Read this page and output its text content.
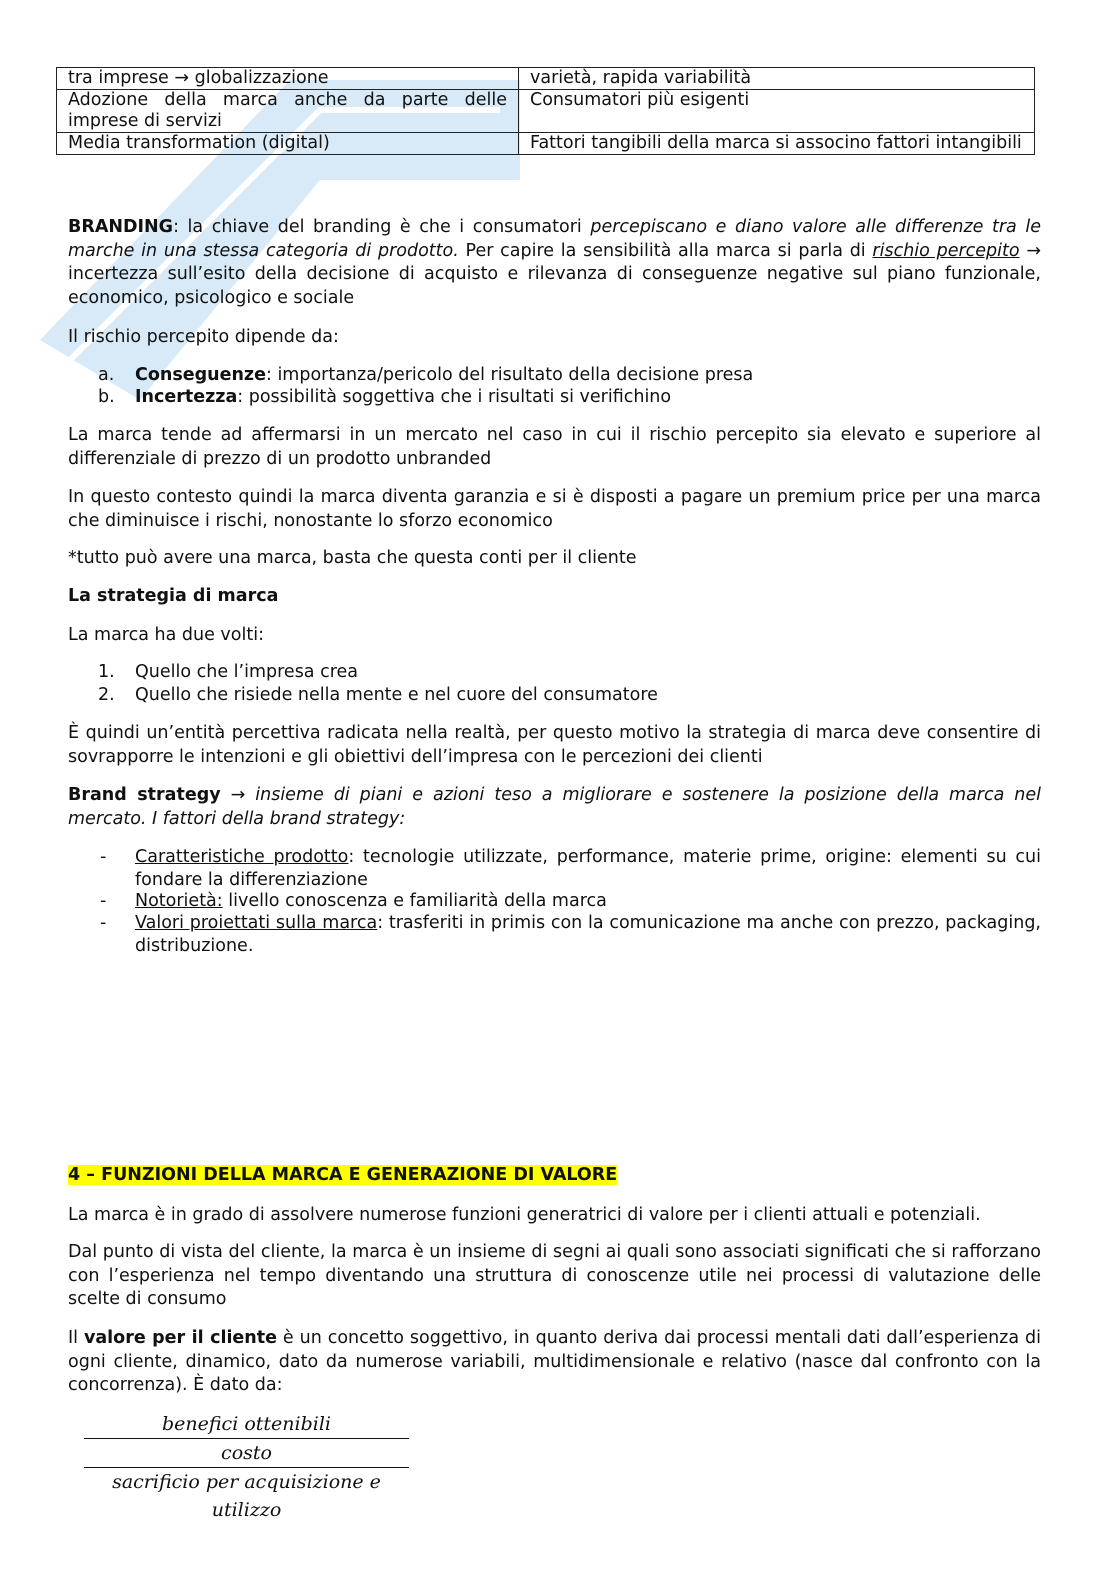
tra imprese → globalizzazione	varietà, rapida variabilità
Adozione della marca anche da parte delle imprese di servizi	Consumatori più esigenti
Media transformation (digital)	Fattori tangibili della marca si associno fattori intangibili

BRANDING: la chiave del branding è che i consumatori percepiscano e diano valore alle differenze tra le marche in una stessa categoria di prodotto. Per capire la sensibilità alla marca si parla di rischio percepito → incertezza sull’esito della decisione di acquisto e rilevanza di conseguenze negative sul piano funzionale, economico, psicologico e sociale

Il rischio percepito dipende da:
a. Conseguenze: importanza/pericolo del risultato della decisione presa
b. Incertezza: possibilità soggettiva che i risultati si verifichino
La marca tende ad affermarsi in un mercato nel caso in cui il rischio percepito sia elevato e superiore al differenziale di prezzo di un prodotto unbranded
In questo contesto quindi la marca diventa garanzia e si è disposti a pagare un premium price per una marca che diminuisce i rischi, nonostante lo sforzo economico
*tutto può avere una marca, basta che questa conti per il cliente
La strategia di marca
La marca ha due volti:
1. Quello che l’impresa crea
2. Quello che risiede nella mente e nel cuore del consumatore
È quindi un’entità percettiva radicata nella realtà, per questo motivo la strategia di marca deve consentire di sovrapporre le intenzioni e gli obiettivi dell’impresa con le percezioni dei clienti

Brand strategy → insieme di piani e azioni teso a migliorare e sostenere la posizione della marca nel mercato. I fattori della brand strategy:

- Caratteristiche prodotto: tecnologie utilizzate, performance, materie prime, origine: elementi su cui fondare la differenziazione
- Notorietà: livello conoscenza e familiarità della marca
- Valori proiettati sulla marca: trasferiti in primis con la comunicazione ma anche con prezzo, packaging, distribuzione.
4 – FUNZIONI DELLA MARCA E GENERAZIONE DI VALORE
La marca è in grado di assolvere numerose funzioni generatrici di valore per i clienti attuali e potenziali.
Dal punto di vista del cliente, la marca è un insieme di segni ai quali sono associati significati che si rafforzano con l’esperienza nel tempo diventando una struttura di conoscenze utile nei processi di valutazione delle scelte di consumo

Il valore per il cliente è un concetto soggettivo, in quanto deriva dai processi mentali dati dall’esperienza di ogni cliente, dinamico, dato da numerose variabili, multidimensionale e relativo (nasce dal confronto con la concorrenza). È dato da:

benefici ottenibili
costo
sacrificio per acquisizione e utilizzo
